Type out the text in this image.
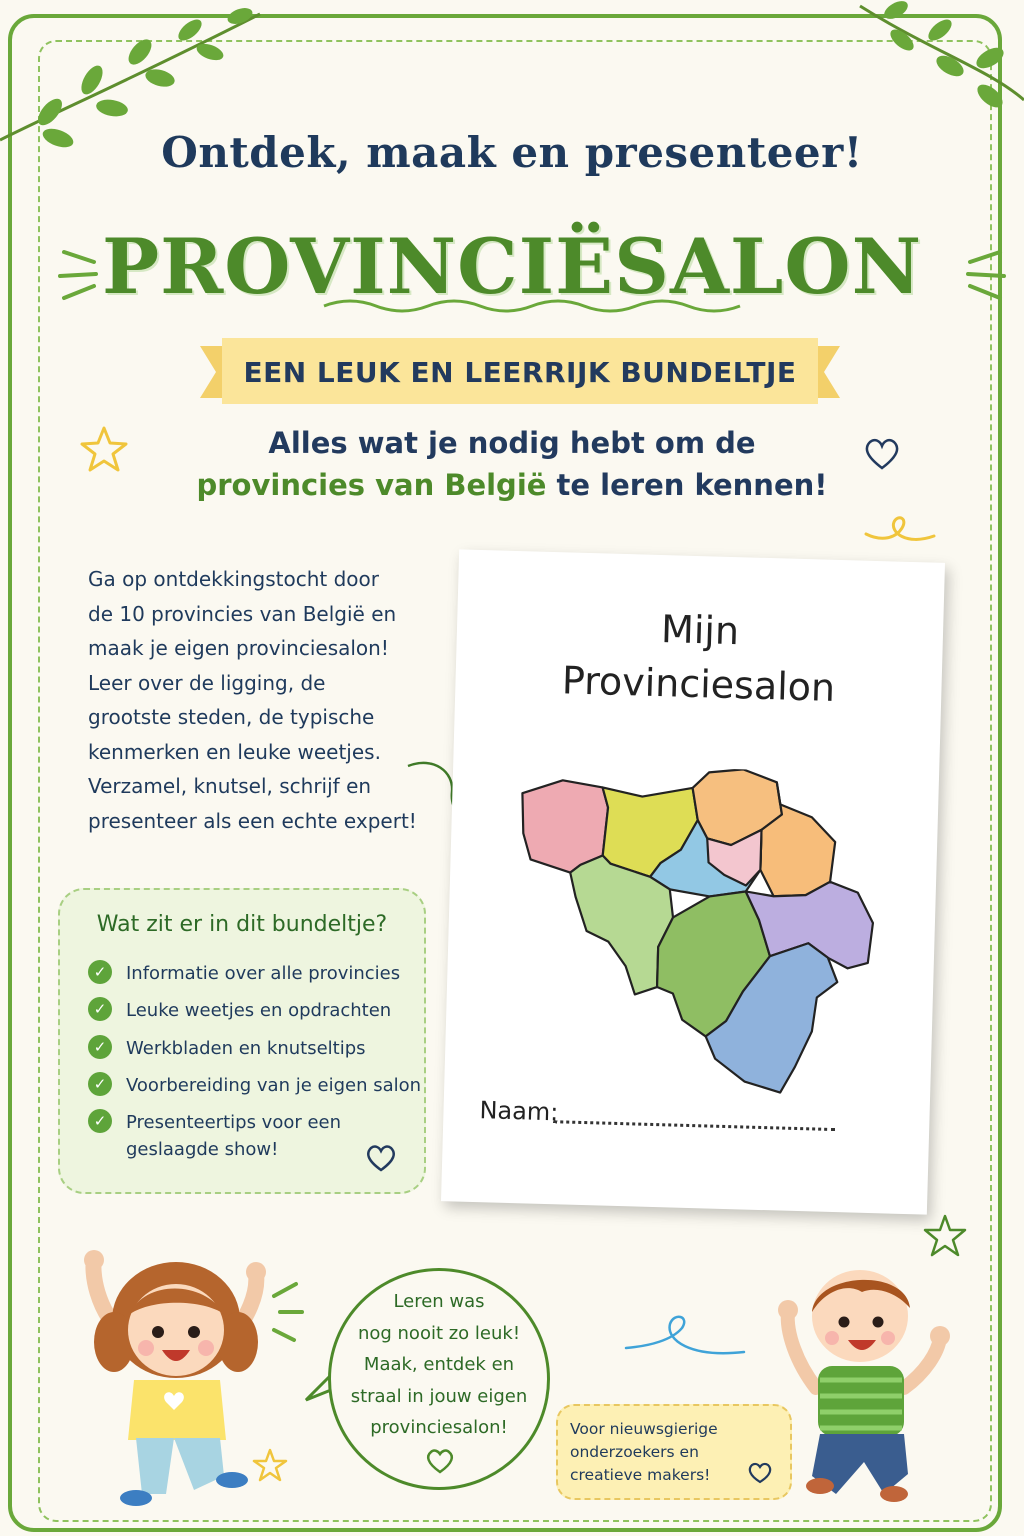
Ontdek, maak en presenteer!
PROVINCIËSALON
EEN LEUK EN LEERRIJK BUNDELTJE
Alles wat je nodig hebt om de
provincies van België te leren kennen!
Ga op ontdekkingstocht door
de 10 provincies van België en
maak je eigen provinciesalon!
Leer over de ligging, de
grootste steden, de typische
kenmerken en leuke weetjes.
Verzamel, knutsel, schrijf en
presenteer als een echte expert!
Wat zit er in dit bundeltje?
✓	Informatie over alle provincies
✓	Leuke weetjes en opdrachten
✓	Werkbladen en knutseltips
✓	Voorbereiding van je eigen salon
✓	Presenteertips voor een
geslaagde show!
Mijn
Provinciesalon
Naam:
Leren was
nog nooit zo leuk!
Maak, entdek en
straal in jouw eigen
provinciesalon!	Voor nieuwsgierige
onderzoekers en
creatieve makers!
